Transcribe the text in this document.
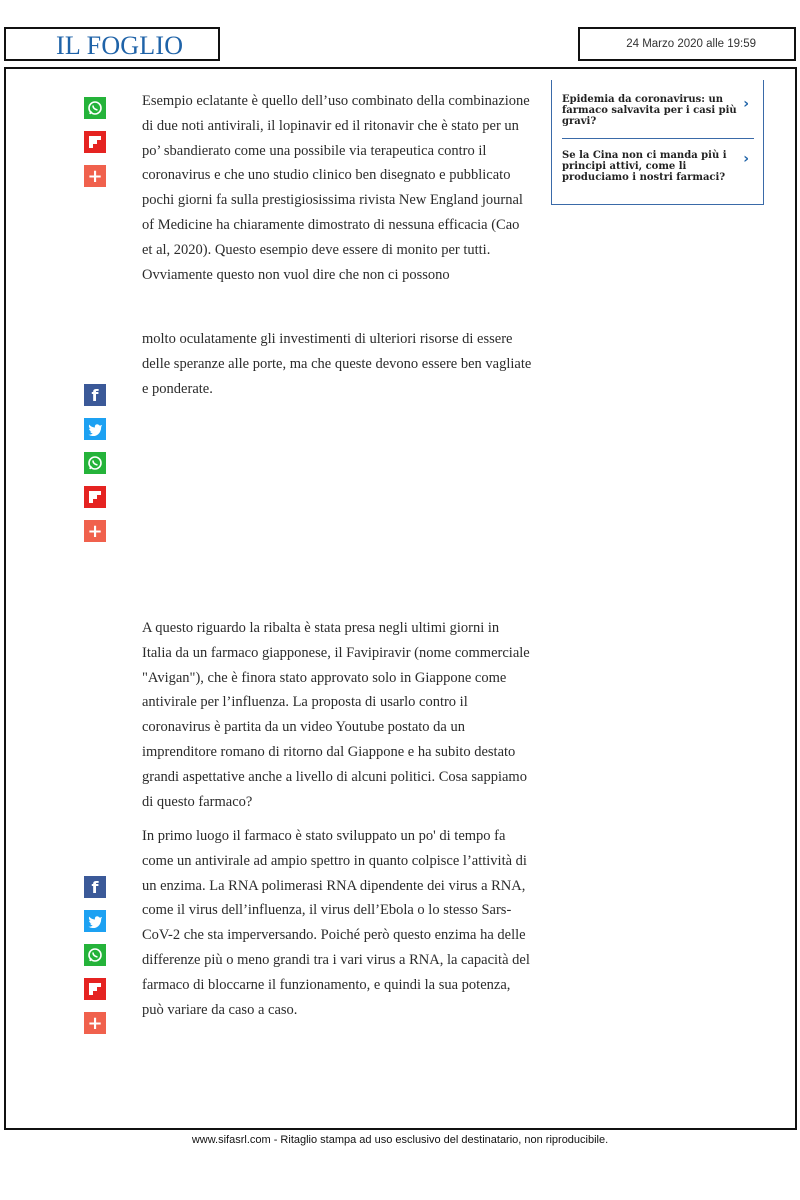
IL FOGLIO	24 Marzo 2020 alle 19:59
+
f
+
f
+

Esempio eclatante è quello dell’uso combinato della combinazione di due noti antivirali, il lopinavir ed il ritonavir che è stato per un po’ sbandierato come una possibile via terapeutica contro il coronavirus e che uno studio clinico ben disegnato e pubblicato pochi giorni fa sulla prestigiosissima rivista New England journal of Medicine ha chiaramente dimostrato di nessuna efficacia (Cao et al, 2020). Questo esempio deve essere di monito per tutti. Ovviamente questo non vuol dire che non ci possono

molto oculatamente gli investimenti di ulteriori risorse di essere delle speranze alle porte, ma che queste devono essere ben vagliate e ponderate.

A questo riguardo la ribalta è stata presa negli ultimi giorni in Italia da un farmaco giapponese, il Favipiravir (nome commerciale "Avigan"), che è finora stato approvato solo in Giappone come antivirale per l’influenza. La proposta di usarlo contro il coronavirus è partita da un video Youtube postato da un imprenditore romano di ritorno dal Giappone e ha subito destato grandi aspettative anche a livello di alcuni politici. Cosa sappiamo di questo farmaco?

In primo luogo il farmaco è stato sviluppato un po' di tempo fa come un antivirale ad ampio spettro in quanto colpisce l’attività di un enzima. La RNA polimerasi RNA dipendente dei virus a RNA, come il virus dell’influenza, il virus dell’Ebola o lo stesso Sars-CoV-2 che sta imperversando. Poiché però questo enzima ha delle differenze più o meno grandi tra i vari virus a RNA, la capacità del farmaco di bloccarne il funzionamento, e quindi la sua potenza, può variare da caso a caso.

Epidemia da coronavirus: un farmaco salvavita per i casi più gravi?
›
Se la Cina non ci manda più i principi attivi, come li produciamo i nostri farmaci?
›
www.sifasrl.com - Ritaglio stampa ad uso esclusivo del destinatario, non riproducibile.
